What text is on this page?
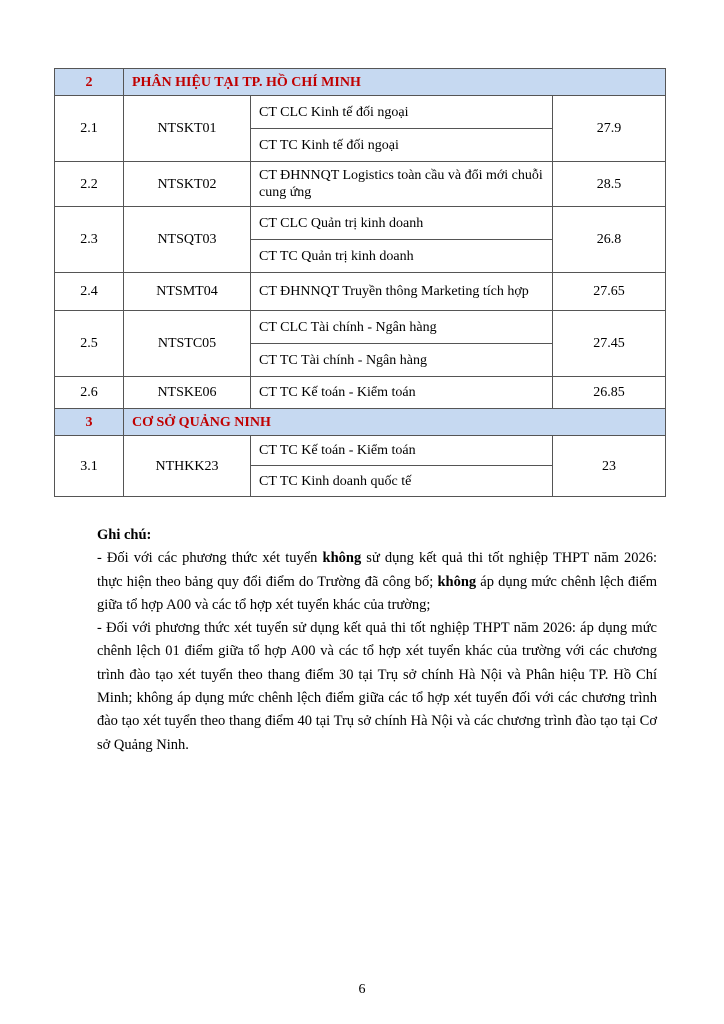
2	PHÂN HIỆU TẠI TP. HỒ CHÍ MINH		
2.1	NTSKT01	CT CLC Kinh tế đối ngoại	27.9
		CT TC Kinh tế đối ngoại	
2.2	NTSKT02	CT ĐHNNQT Logistics toàn cầu và đổi mới chuỗi cung ứng	28.5
2.3	NTSQT03	CT CLC Quản trị kinh doanh	26.8
		CT TC Quản trị kinh doanh	
2.4	NTSMT04	CT ĐHNNQT Truyền thông Marketing tích hợp	27.65
2.5	NTSTC05	CT CLC Tài chính - Ngân hàng	27.45
		CT TC Tài chính - Ngân hàng	
2.6	NTSKE06	CT TC Kế toán - Kiểm toán	26.85
3	CƠ SỞ QUẢNG NINH		
3.1	NTHKK23	CT TC Kế toán - Kiểm toán	23
		CT TC Kinh doanh quốc tế	

Ghi chú:

- Đối với các phương thức xét tuyển không sử dụng kết quả thi tốt nghiệp THPT năm 2026: thực hiện theo bảng quy đổi điểm do Trường đã công bố; không áp dụng mức chênh lệch điểm giữa tổ hợp A00 và các tổ hợp xét tuyển khác của trường;

- Đối với phương thức xét tuyển sử dụng kết quả thi tốt nghiệp THPT năm 2026: áp dụng mức chênh lệch 01 điểm giữa tổ hợp A00 và các tổ hợp xét tuyển khác của trường với các chương trình đào tạo xét tuyển theo thang điểm 30 tại Trụ sở chính Hà Nội và Phân hiệu TP. Hồ Chí Minh; không áp dụng mức chênh lệch điểm giữa các tổ hợp xét tuyển đối với các chương trình đào tạo xét tuyển theo thang điểm 40 tại Trụ sở chính Hà Nội và các chương trình đào tạo tại Cơ sở Quảng Ninh.

6
